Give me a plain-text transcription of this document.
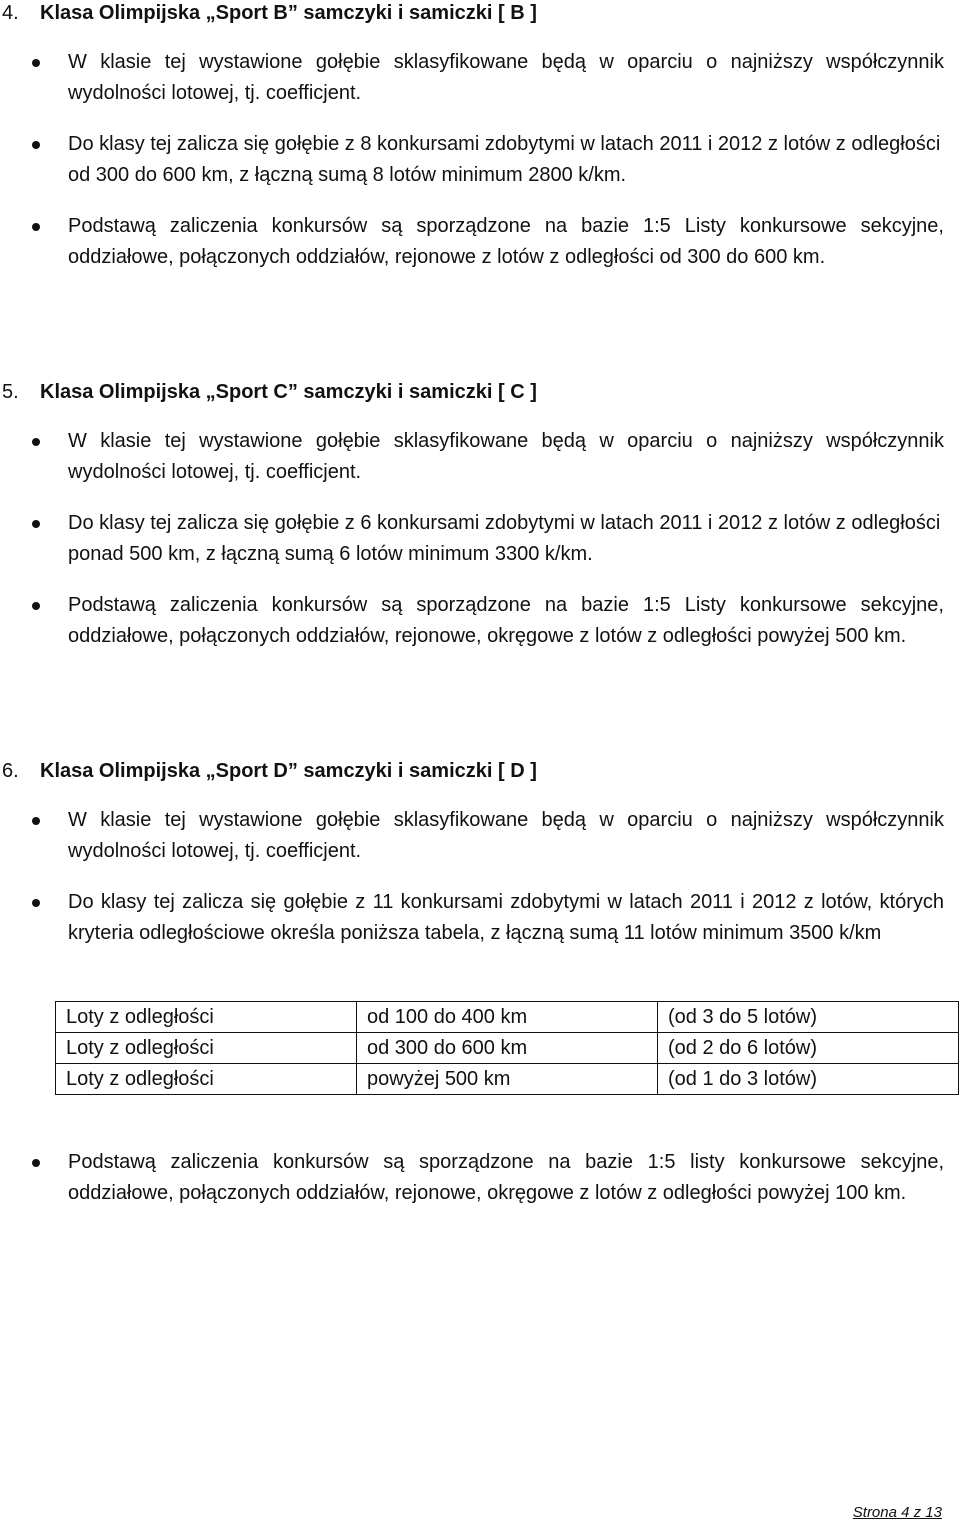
4.	Klasa Olimpijska „Sport B” samczyki i samiczki [ B ]
W klasie tej wystawione gołębie sklasyfikowane będą w oparciu o najniższy współczynnik wydolności lotowej, tj. coefficjent.
Do klasy tej zalicza się gołębie z 8 konkursami zdobytymi w latach 2011 i 2012 z lotów z odległości od 300 do 600 km, z łączną sumą 8 lotów minimum 2800 k/km.
Podstawą zaliczenia konkursów są sporządzone na bazie 1:5 Listy konkursowe sekcyjne, oddziałowe, połączonych oddziałów, rejonowe z lotów z odległości od 300 do 600 km.
5.	Klasa Olimpijska „Sport C” samczyki i samiczki [ C ]
W klasie tej wystawione gołębie sklasyfikowane będą w oparciu o najniższy współczynnik wydolności lotowej, tj. coefficjent.
Do klasy tej zalicza się gołębie z 6 konkursami zdobytymi w latach 2011 i 2012 z lotów z odległości ponad 500 km, z łączną sumą 6 lotów minimum 3300 k/km.
Podstawą zaliczenia konkursów są sporządzone na bazie 1:5 Listy konkursowe sekcyjne, oddziałowe, połączonych oddziałów, rejonowe, okręgowe z lotów z odległości powyżej 500 km.
6.	Klasa Olimpijska „Sport D” samczyki i samiczki [ D ]
W klasie tej wystawione gołębie sklasyfikowane będą w oparciu o najniższy współczynnik wydolności lotowej, tj. coefficjent.
Do klasy tej zalicza się gołębie z 11 konkursami zdobytymi w latach 2011 i 2012 z lotów, których kryteria odległościowe określa poniższa tabela, z łączną sumą 11 lotów minimum 3500 k/km
Loty z odległości	od 100 do 400 km	(od 3 do 5 lotów)
Loty z odległości	od 300 do 600 km	(od 2 do 6 lotów)
Loty z odległości	powyżej 500 km	(od 1 do 3 lotów)
Podstawą zaliczenia konkursów są sporządzone na bazie 1:5 listy konkursowe sekcyjne, oddziałowe, połączonych oddziałów, rejonowe, okręgowe z lotów z odległości powyżej 100 km.
Strona 4 z 13
